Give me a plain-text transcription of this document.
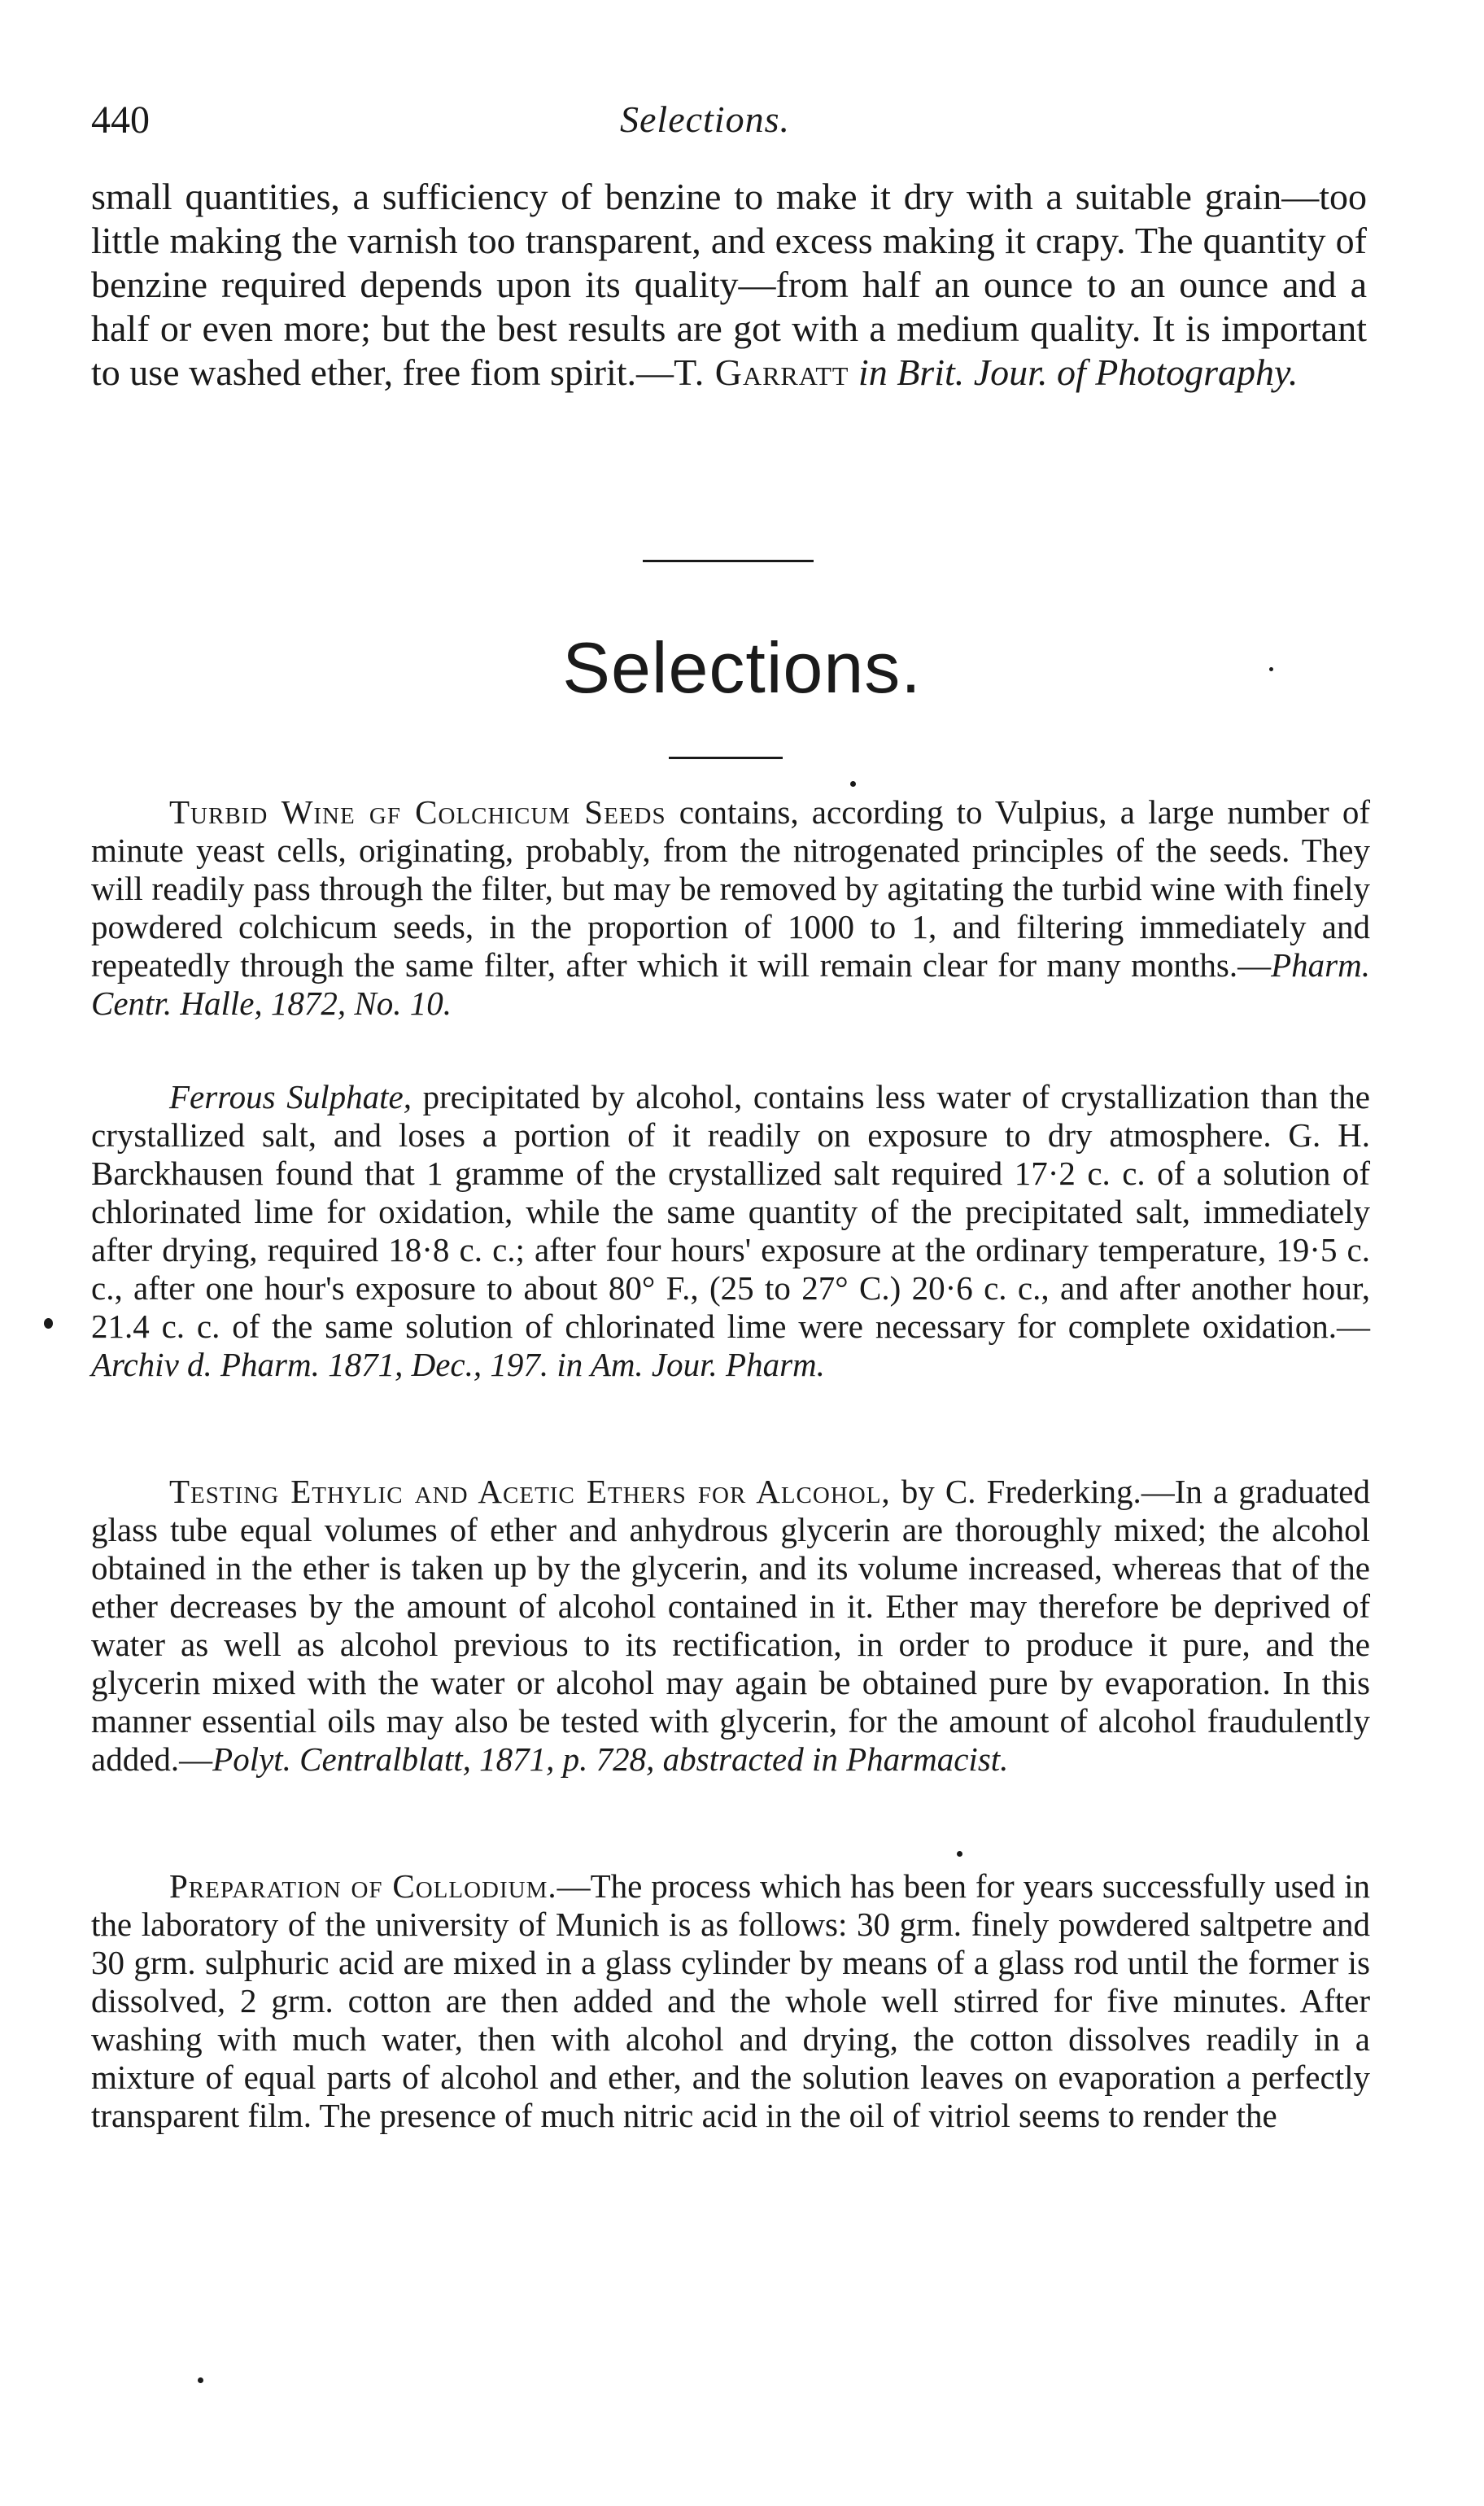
440	Selections.
small quantities, a sufficiency of benzine to make it dry with a suitable grain—too little making the varnish too transparent, and excess making it crapy. The quantity of benzine required depends upon its quality—from half an ounce to an ounce and a half or even more; but the best results are got with a medium quality. It is important to use washed ether, free fiom spirit.—T. Garratt in Brit. Jour. of Photography.
Selections.

Turbid Wine gf Colchicum Seeds contains, according to Vulpius, a large number of minute yeast cells, originating, probably, from the nitrogenated principles of the seeds. They will readily pass through the filter, but may be removed by agitating the turbid wine with finely powdered colchicum seeds, in the proportion of 1000 to 1, and filtering immediately and repeatedly through the same filter, after which it will remain clear for many months.—Pharm. Centr. Halle, 1872, No. 10.

Ferrous Sulphate, precipitated by alcohol, contains less water of crystallization than the crystallized salt, and loses a portion of it readily on exposure to dry atmosphere. G. H. Barckhausen found that 1 gramme of the crystallized salt required 17·2 c. c. of a solution of chlorinated lime for oxidation, while the same quantity of the precipitated salt, immediately after drying, required 18·8 c. c.; after four hours' exposure at the ordinary temperature, 19·5 c. c., after one hour's exposure to about 80° F., (25 to 27° C.) 20·6 c. c., and after another hour, 21.4 c. c. of the same solution of chlorinated lime were necessary for complete oxidation.—Archiv d. Pharm. 1871, Dec., 197. in Am. Jour. Pharm.

Testing Ethylic and Acetic Ethers for Alcohol, by C. Frederking.—In a graduated glass tube equal volumes of ether and anhydrous glycerin are thoroughly mixed; the alcohol obtained in the ether is taken up by the glycerin, and its volume increased, whereas that of the ether decreases by the amount of alcohol contained in it. Ether may therefore be deprived of water as well as alcohol previous to its rectification, in order to produce it pure, and the glycerin mixed with the water or alcohol may again be obtained pure by evaporation. In this manner essential oils may also be tested with glycerin, for the amount of alcohol fraudulently added.—Polyt. Centralblatt, 1871, p. 728, abstracted in Pharmacist.

Preparation of Collodium.—The process which has been for years successfully used in the laboratory of the university of Munich is as follows: 30 grm. finely powdered saltpetre and 30 grm. sulphuric acid are mixed in a glass cylinder by means of a glass rod until the former is dissolved, 2 grm. cotton are then added and the whole well stirred for five minutes. After washing with much water, then with alcohol and drying, the cotton dissolves readily in a mixture of equal parts of alcohol and ether, and the solution leaves on evaporation a perfectly transparent film. The presence of much nitric acid in the oil of vitriol seems to render the
